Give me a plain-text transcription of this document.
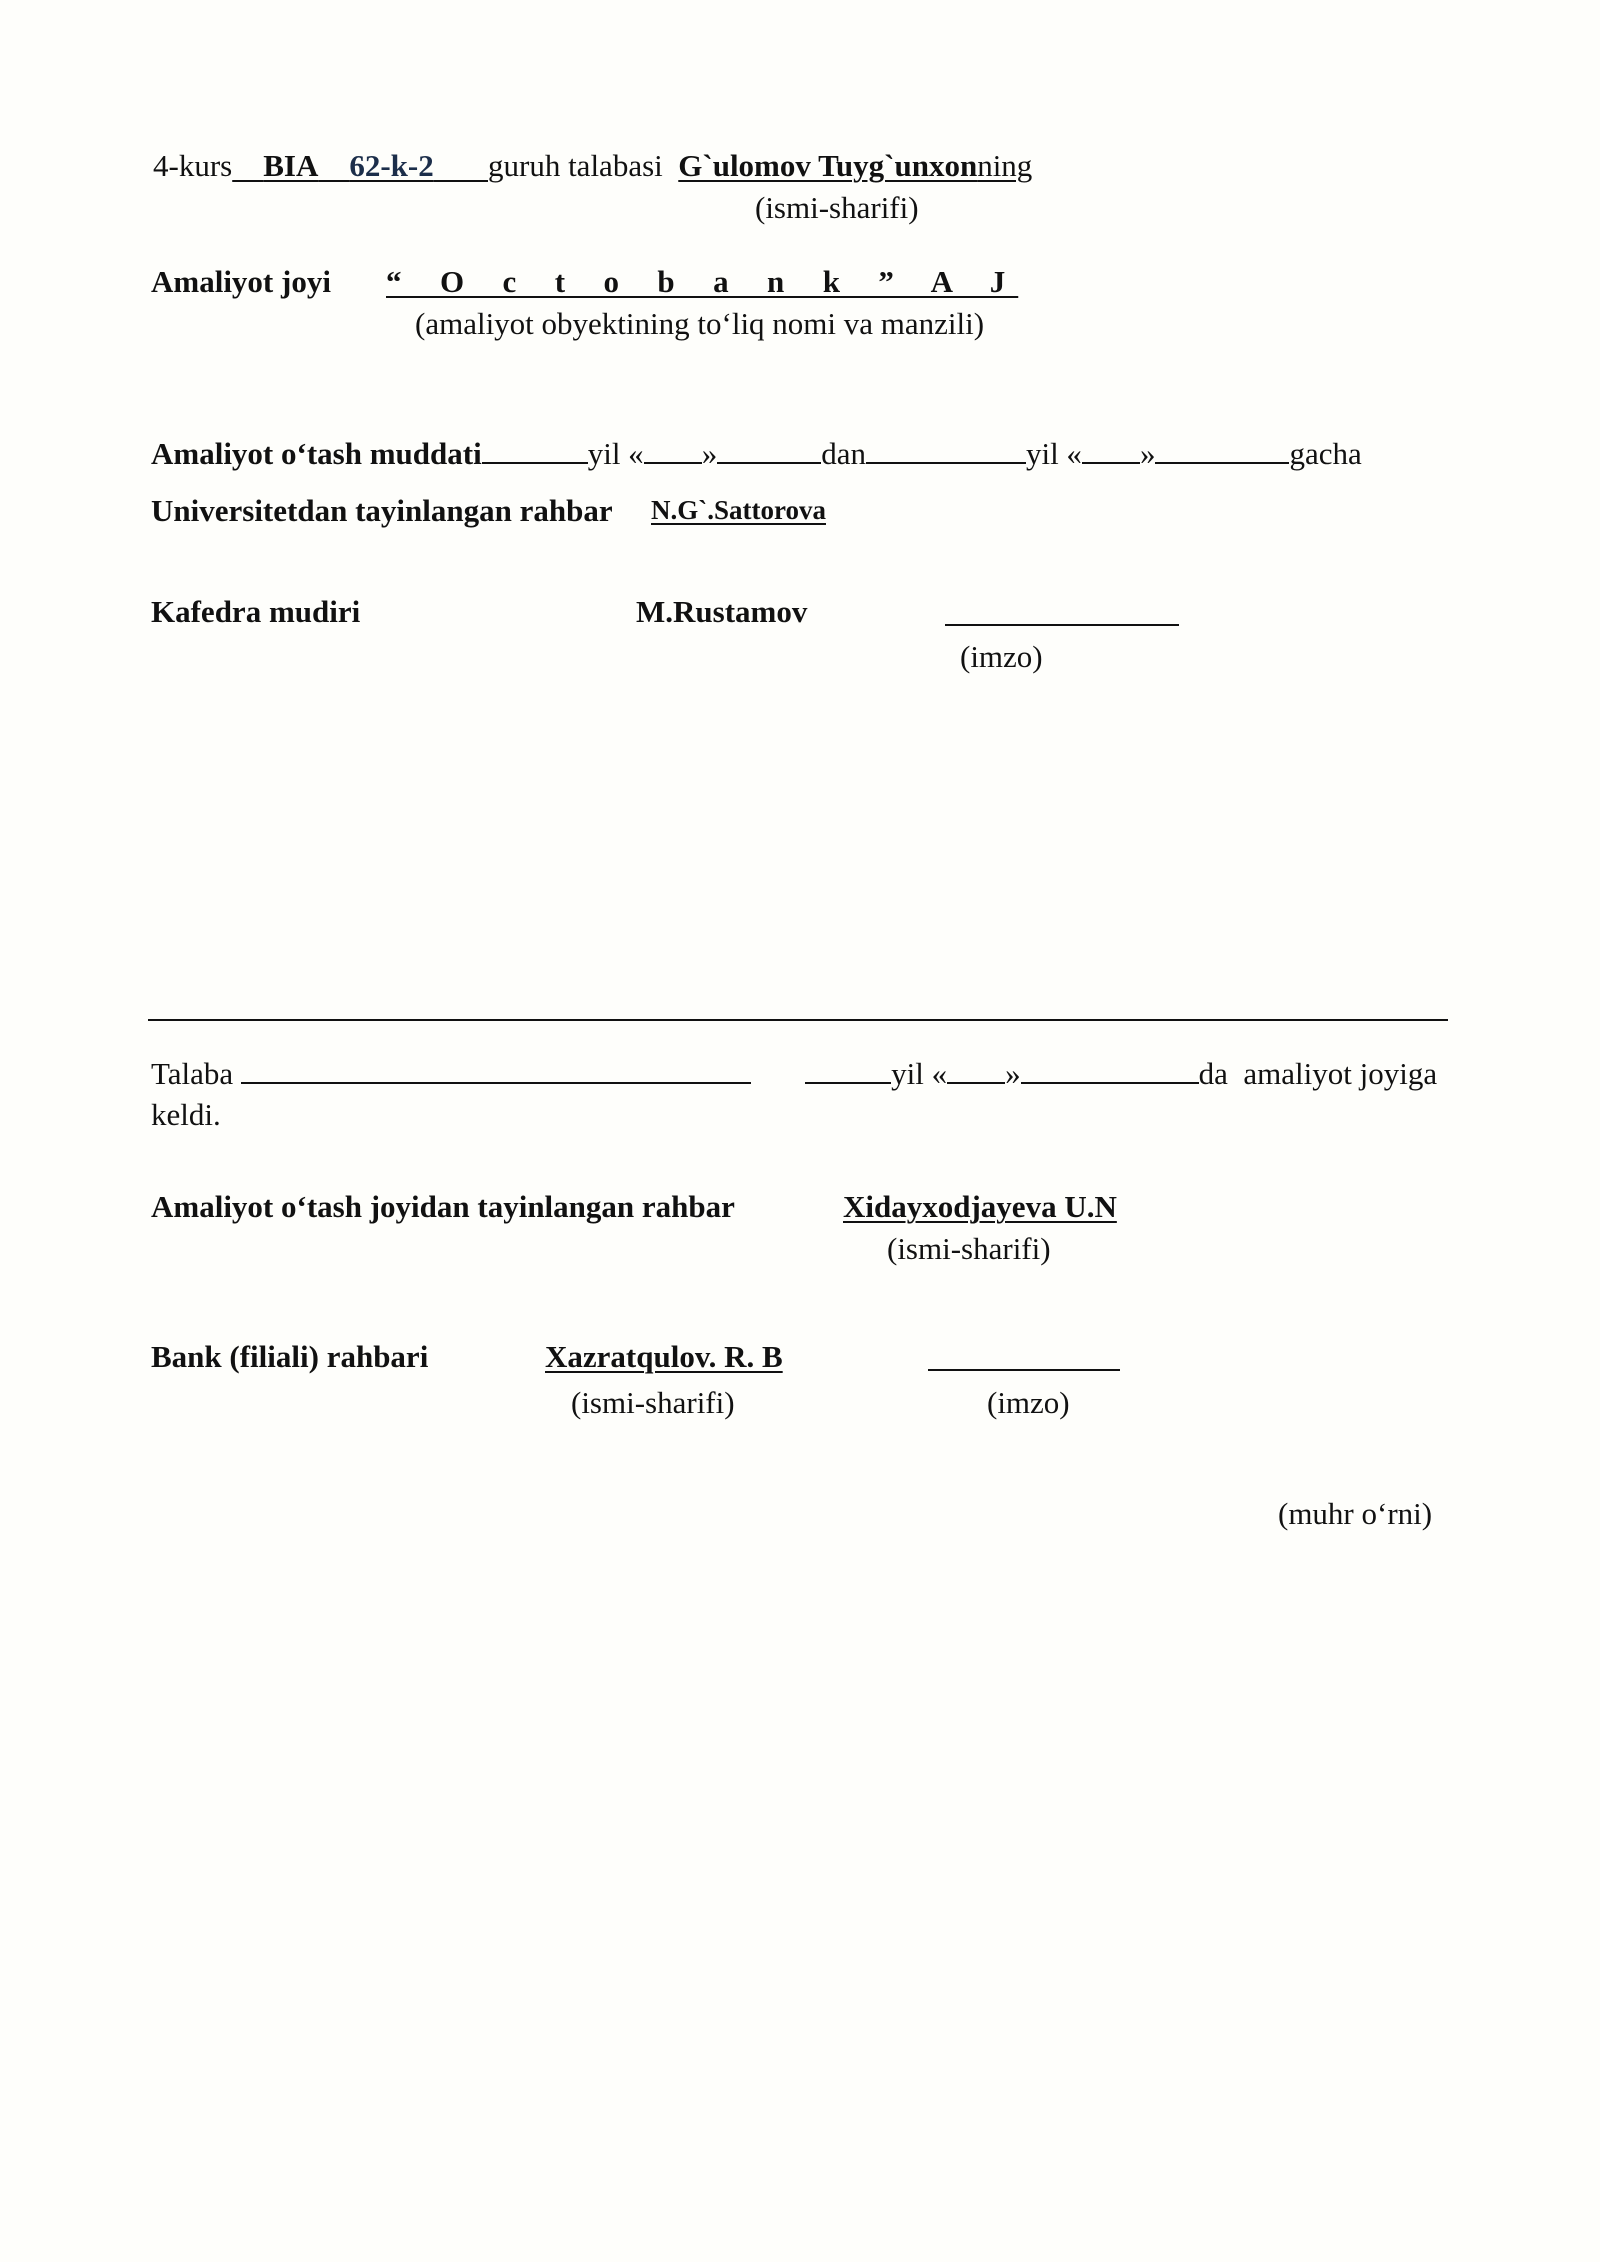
4-kurs BIA 62-k-2 guruh talabasi G`ulomov Tuyg`unxonning
(ismi-sharifi)
Amaliyot joyi “ O c t o b a n k ” A J
(amaliyot obyektining to‘liq nomi va manzili)
Amaliyot o‘tash muddati	yil « »	dan	yil « »	gacha
Universitetdan tayinlangan rahbar N.G`.Sattorova
Kafedra mudiri	M.Rustamov
(imzo)
Talaba	yil « »	da amaliyot joyiga
keldi.
Amaliyot o‘tash joyidan tayinlangan rahbar	Xidayxodjayeva U.N
(ismi-sharifi)
Bank (filiali) rahbari	Xazratqulov. R. B
(ismi-sharifi)	(imzo)
(muhr o‘rni)
